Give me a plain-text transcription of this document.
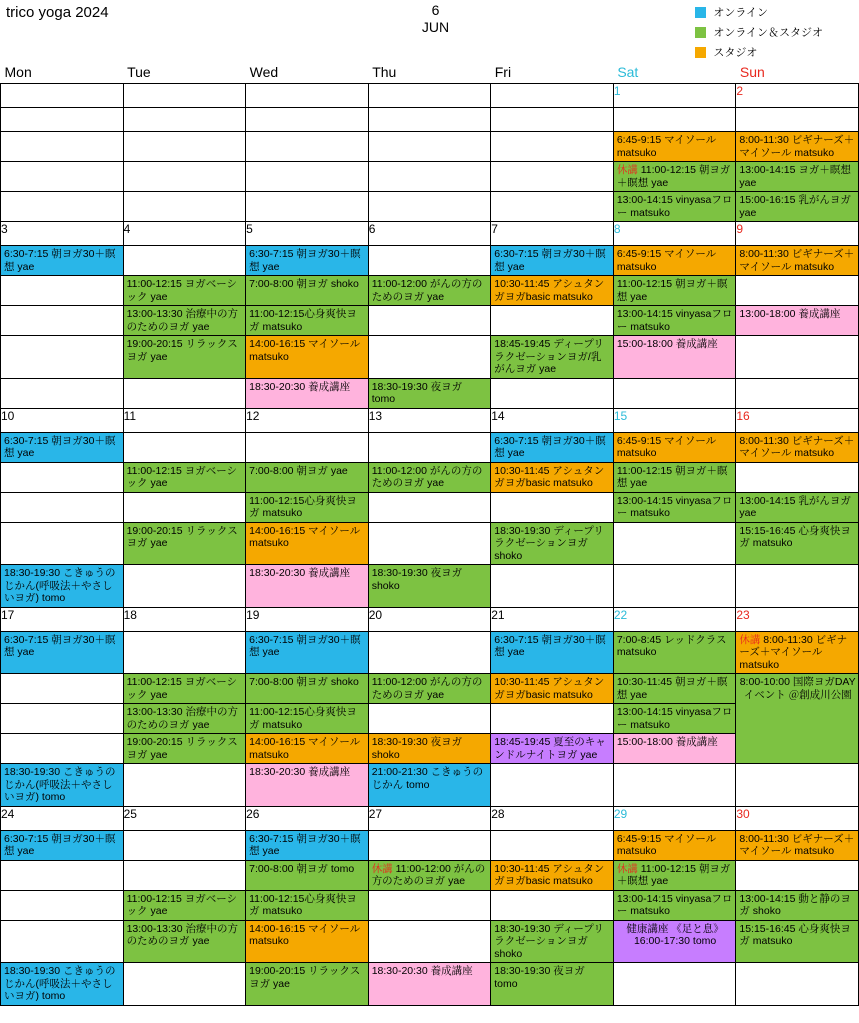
trico yoga 2024	6
JUN
オンライン
オンライン＆スタジオ
スタジオ
Mon	Tue	Wed	Thu	Fri	Sat	Sun
					1	2

					6:45-9:15 マイソール matsuko	8:00-11:30 ビギナーズ＋マイソール matsuko

					休講 11:00-12:15 朝ヨガ＋瞑想 yae	13:00-14:15 ヨガ＋瞑想 yae

					13:00-14:15 vinyasaフロー matsuko	15:00-16:15 乳がんヨガyae

3	4	5	6	7	8	9

6:30-7:15 朝ヨガ30＋瞑想 yae		6:30-7:15 朝ヨガ30＋瞑想 yae		6:30-7:15 朝ヨガ30＋瞑想 yae	6:45-9:15 マイソール matsuko	8:00-11:30 ビギナーズ＋マイソール matsuko

	11:00-12:15 ヨガベーシック yae	7:00-8:00 朝ヨガ shoko	11:00-12:00 がんの方のためのヨガ yae	10:30-11:45 アシュタンガヨガbasic matsuko	11:00-12:15 朝ヨガ＋瞑想 yae	

	13:00-13:30 治療中の方のためのヨガ yae	11:00-12:15心身爽快ヨガ matsuko			13:00-14:15 vinyasaフロー matsuko	13:00-18:00 養成講座

	19:00-20:15 リラックスヨガ yae	14:00-16:15 マイソール matsuko		18:45-19:45 ディープリラクゼーションヨガ/乳がんヨガ yae	15:00-18:00 養成講座	

		18:30-20:30 養成講座	18:30-19:30 夜ヨガ tomo			

10	11	12	13	14	15	16

6:30-7:15 朝ヨガ30＋瞑想 yae				6:30-7:15 朝ヨガ30＋瞑想 yae	6:45-9:15 マイソール matsuko	8:00-11:30 ビギナーズ＋マイソール matsuko

	11:00-12:15 ヨガベーシック yae	7:00-8:00 朝ヨガ yae	11:00-12:00 がんの方のためのヨガ yae	10:30-11:45 アシュタンガヨガbasic matsuko	11:00-12:15 朝ヨガ＋瞑想 yae	

		11:00-12:15心身爽快ヨガ matsuko			13:00-14:15 vinyasaフロー matsuko	13:00-14:15 乳がんヨガyae

	19:00-20:15 リラックスヨガ yae	14:00-16:15 マイソール matsuko		18:30-19:30 ディープリラクゼーションヨガ shoko		15:15-16:45 心身爽快ヨガ matsuko

18:30-19:30 こきゅうのじかん(呼吸法＋やさしいヨガ) tomo		18:30-20:30 養成講座	18:30-19:30 夜ヨガ shoko			

17	18	19	20	21	22	23

6:30-7:15 朝ヨガ30＋瞑想 yae		6:30-7:15 朝ヨガ30＋瞑想 yae		6:30-7:15 朝ヨガ30＋瞑想 yae	7:00-8:45 レッドクラス matsuko	休講 8:00-11:30 ビギナーズ＋マイソール matsuko

	11:00-12:15 ヨガベーシック yae	7:00-8:00 朝ヨガ shoko	11:00-12:00 がんの方のためのヨガ yae	10:30-11:45 アシュタンガヨガbasic matsuko	10:30-11:45 朝ヨガ＋瞑想 yae	8:00-10:00 国際ヨガDAYイベント ＠創成川公園

	13:00-13:30 治療中の方のためのヨガ yae	11:00-12:15心身爽快ヨガ matsuko			13:00-14:15 vinyasaフロー matsuko	

	19:00-20:15 リラックスヨガ yae	14:00-16:15 マイソール matsuko	18:30-19:30 夜ヨガ shoko	18:45-19:45 夏至のキャンドルナイトヨガ yae	15:00-18:00 養成講座	

18:30-19:30 こきゅうのじかん(呼吸法＋やさしいヨガ) tomo		18:30-20:30 養成講座	21:00-21:30 こきゅうのじかん tomo			

24	25	26	27	28	29	30

6:30-7:15 朝ヨガ30＋瞑想 yae		6:30-7:15 朝ヨガ30＋瞑想 yae			6:45-9:15 マイソール matsuko	8:00-11:30 ビギナーズ＋マイソール matsuko

		7:00-8:00 朝ヨガ tomo	休講 11:00-12:00 がんの方のためのヨガ yae	10:30-11:45 アシュタンガヨガbasic matsuko	休講 11:00-12:15 朝ヨガ＋瞑想 yae	

	11:00-12:15 ヨガベーシック yae	11:00-12:15心身爽快ヨガ matsuko			13:00-14:15 vinyasaフロー matsuko	13:00-14:15 動と静のヨガ shoko

	13:00-13:30 治療中の方のためのヨガ yae	14:00-16:15 マイソール matsuko		18:30-19:30 ディープリラクゼーションヨガ shoko	健康講座 《足と息》 16:00-17:30 tomo	15:15-16:45 心身爽快ヨガ matsuko

18:30-19:30 こきゅうのじかん(呼吸法＋やさしいヨガ) tomo		19:00-20:15 リラックスヨガ yae	18:30-20:30 養成講座	18:30-19:30 夜ヨガ tomo		
